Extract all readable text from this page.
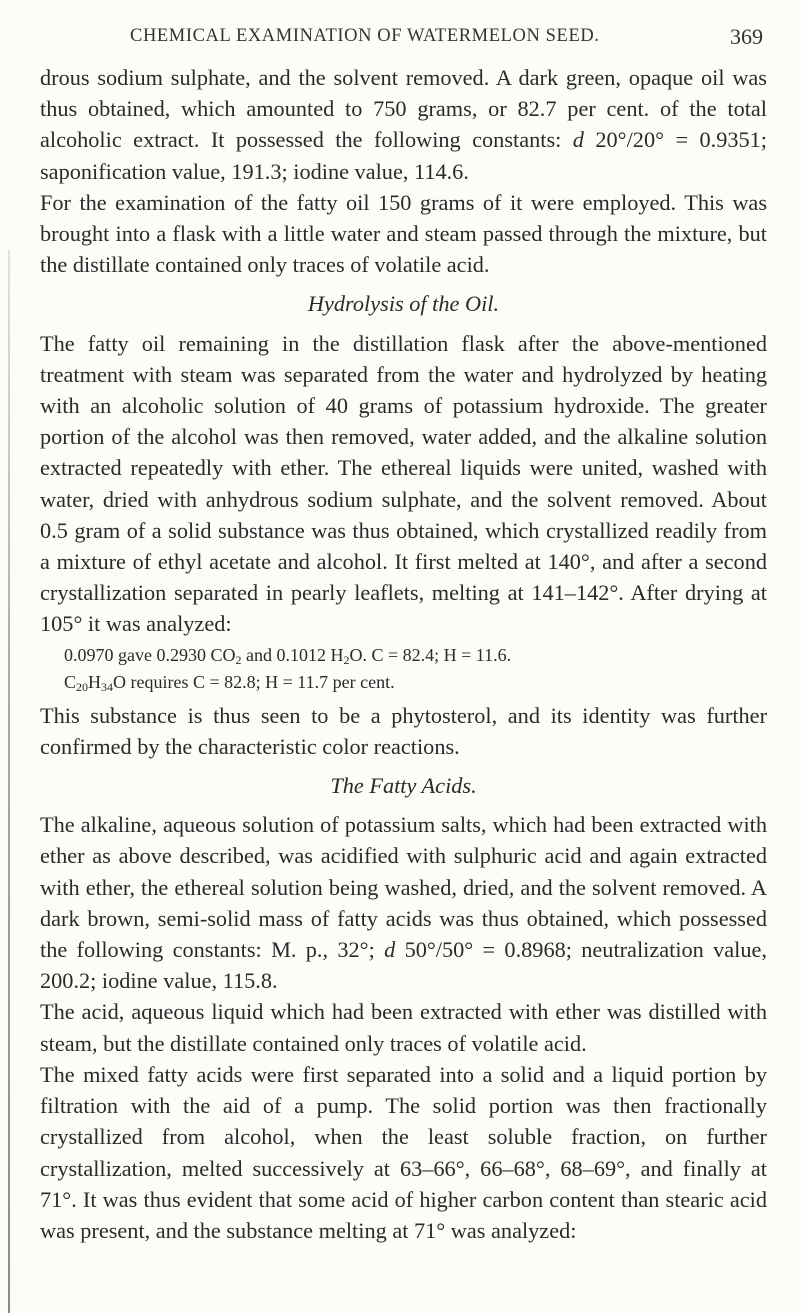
CHEMICAL EXAMINATION OF WATERMELON SEED.	369

drous sodium sulphate, and the solvent removed. A dark green, opaque oil was thus obtained, which amounted to 750 grams, or 82.7 per cent. of the total alcoholic extract. It possessed the following constants: d 20°/20° = 0.9351; saponification value, 191.3; iodine value, 114.6.

For the examination of the fatty oil 150 grams of it were employed. This was brought into a flask with a little water and steam passed through the mixture, but the distillate contained only traces of volatile acid.

Hydrolysis of the Oil.

The fatty oil remaining in the distillation flask after the above-mentioned treatment with steam was separated from the water and hydrolyzed by heating with an alcoholic solution of 40 grams of potassium hydroxide. The greater portion of the alcohol was then removed, water added, and the alkaline solution extracted repeatedly with ether. The ethereal liquids were united, washed with water, dried with anhydrous sodium sulphate, and the solvent removed. About 0.5 gram of a solid substance was thus obtained, which crystallized readily from a mixture of ethyl acetate and alcohol. It first melted at 140°, and after a second crystallization separated in pearly leaflets, melting at 141–142°. After drying at 105° it was analyzed:

0.0970 gave 0.2930 $CO_2$ and 0.1012 $H_2O$. C = 82.4; H = 11.6.
$C_{20}H_{34}O$ requires C = 82.8; H = 11.7 per cent.

This substance is thus seen to be a phytosterol, and its identity was further confirmed by the characteristic color reactions.

The Fatty Acids.

The alkaline, aqueous solution of potassium salts, which had been extracted with ether as above described, was acidified with sulphuric acid and again extracted with ether, the ethereal solution being washed, dried, and the solvent removed. A dark brown, semi-solid mass of fatty acids was thus obtained, which possessed the following constants: M. p., 32°; d 50°/50° = 0.8968; neutralization value, 200.2; iodine value, 115.8.

The acid, aqueous liquid which had been extracted with ether was distilled with steam, but the distillate contained only traces of volatile acid.

The mixed fatty acids were first separated into a solid and a liquid portion by filtration with the aid of a pump. The solid portion was then fractionally crystallized from alcohol, when the least soluble fraction, on further crystallization, melted successively at 63–66°, 66–68°, 68–69°, and finally at 71°. It was thus evident that some acid of higher carbon content than stearic acid was present, and the substance melting at 71° was analyzed:
